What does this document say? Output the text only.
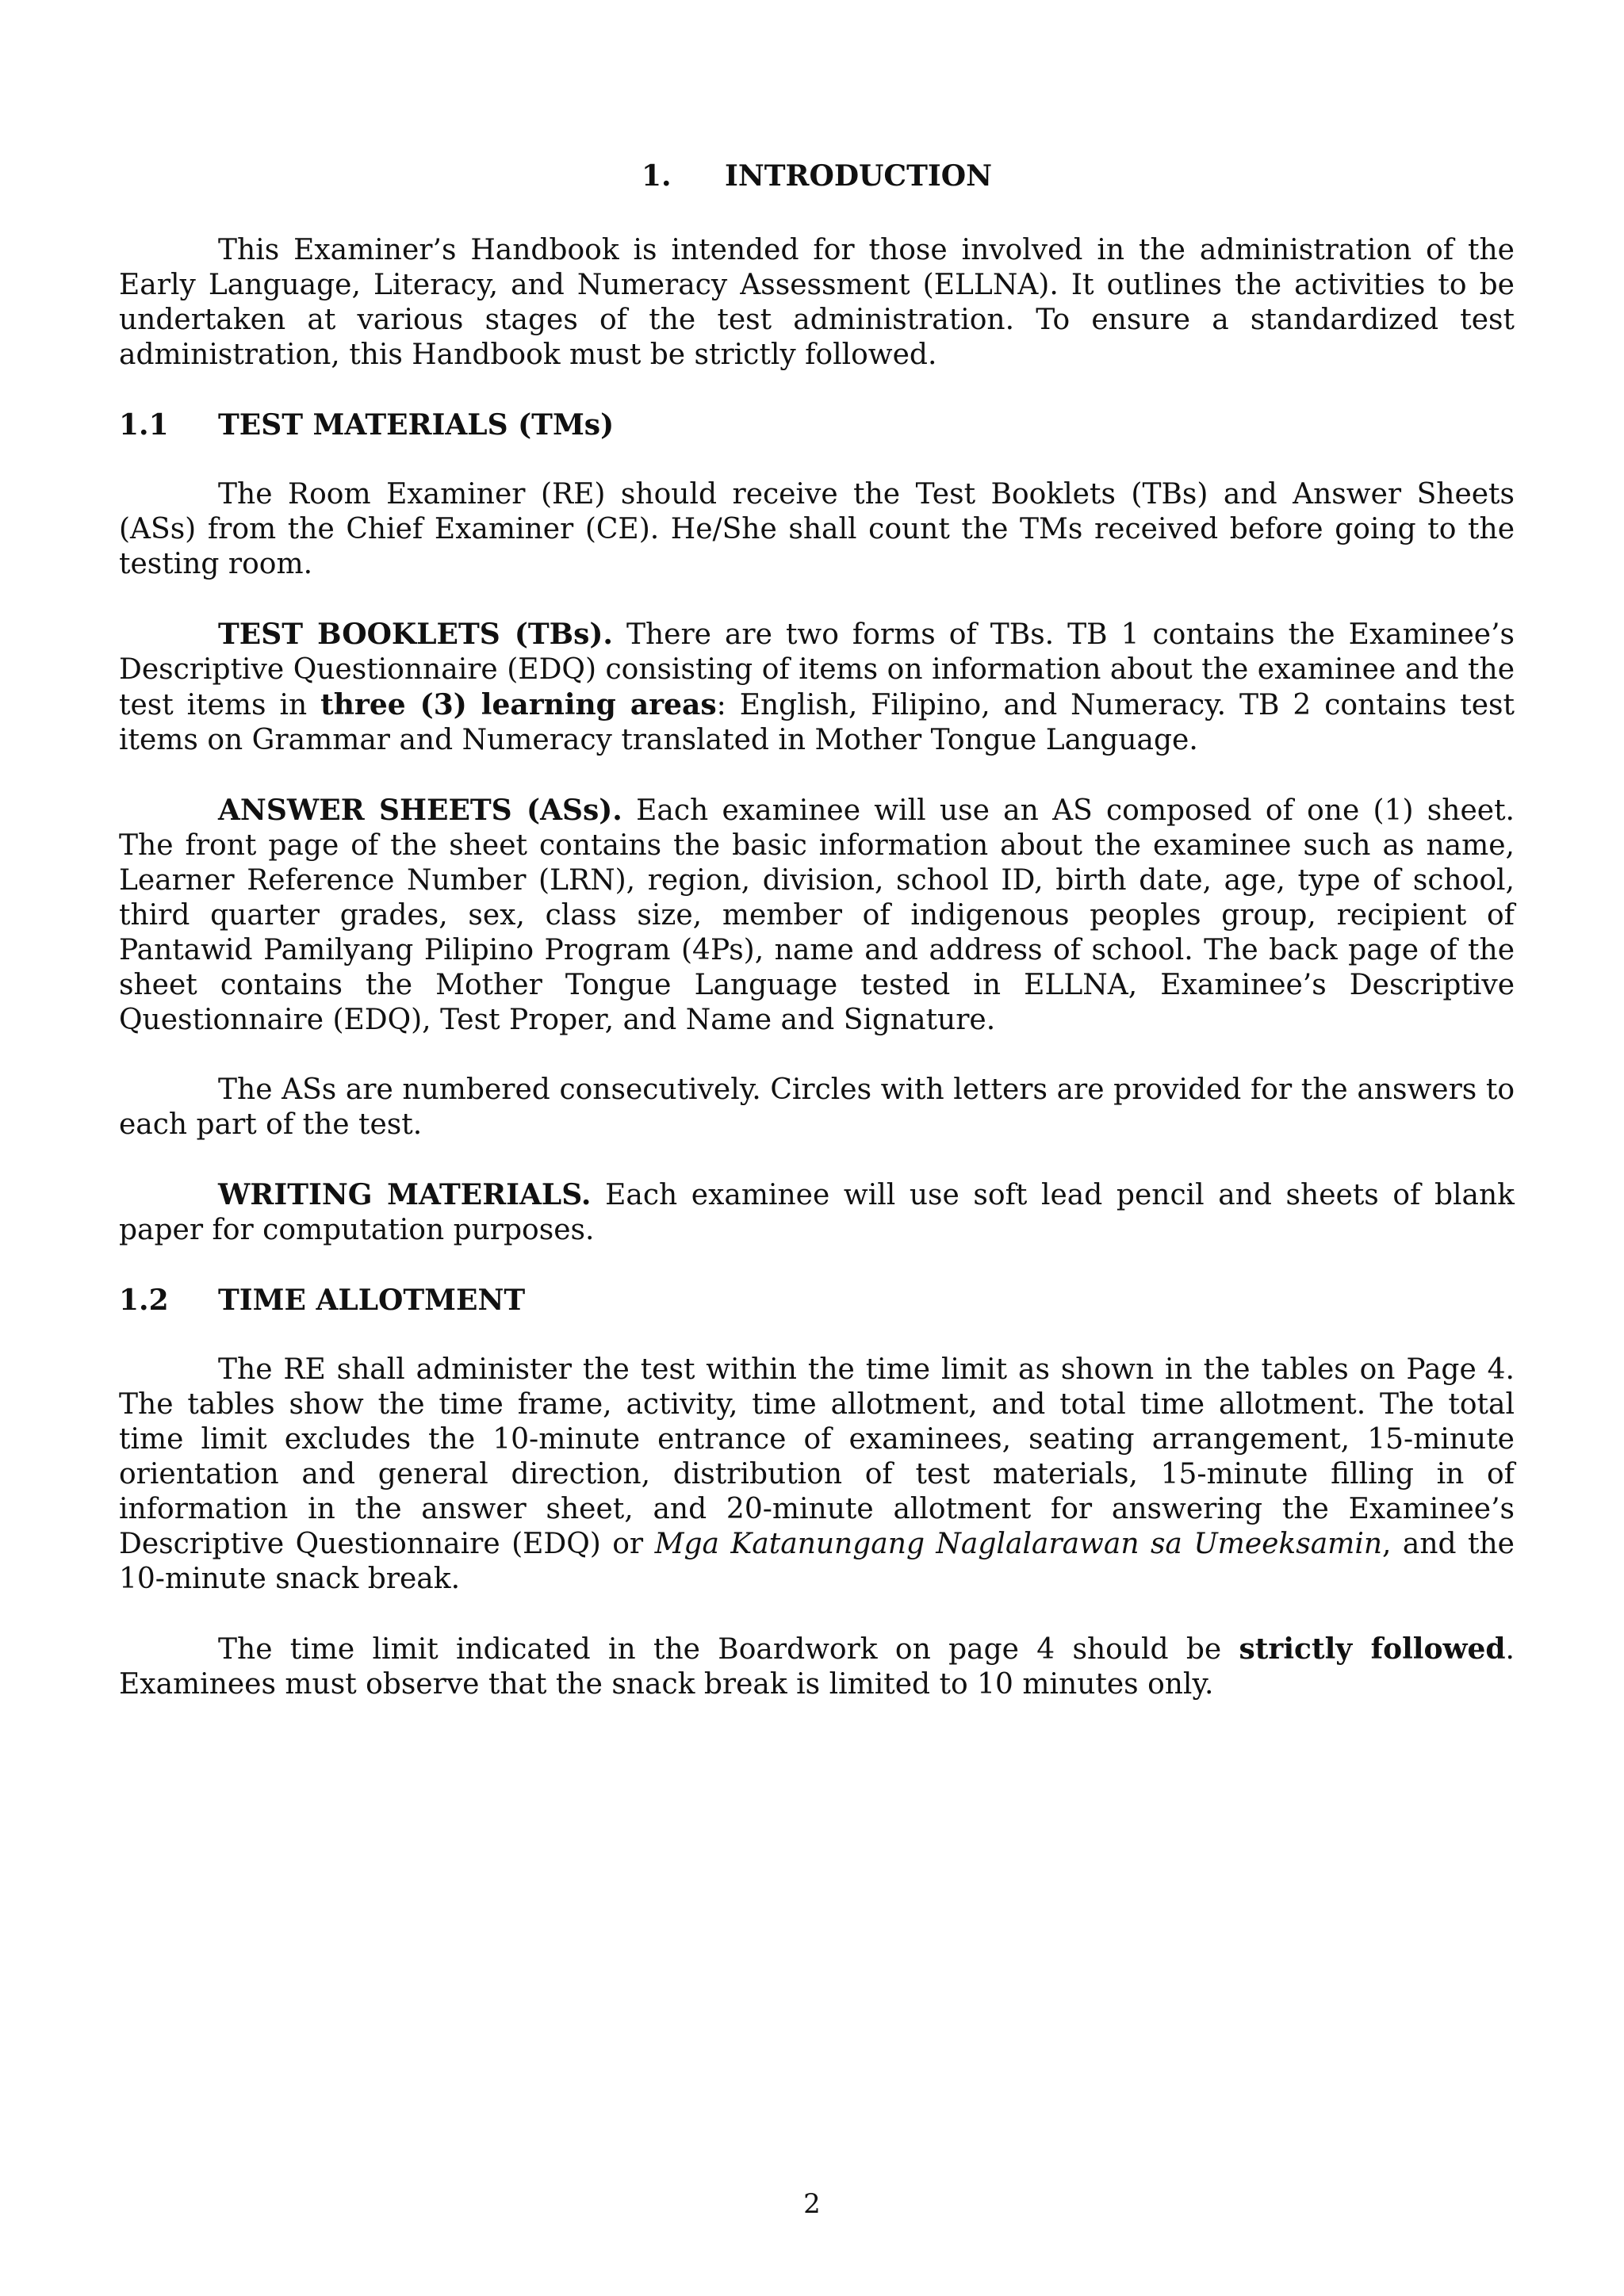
1. INTRODUCTION

This Examiner’s Handbook is intended for those involved in the administration of the Early Language, Literacy, and Numeracy Assessment (ELLNA). It outlines the activities to be undertaken at various stages of the test administration. To ensure a standardized test administration, this Handbook must be strictly followed.

1.1 TEST MATERIALS (TMs)

The Room Examiner (RE) should receive the Test Booklets (TBs) and Answer Sheets (ASs) from the Chief Examiner (CE). He/She shall count the TMs received before going to the testing room.

TEST BOOKLETS (TBs). There are two forms of TBs. TB 1 contains the Examinee’s Descriptive Questionnaire (EDQ) consisting of items on information about the examinee and the test items in three (3) learning areas: English, Filipino, and Numeracy. TB 2 contains test items on Grammar and Numeracy translated in Mother Tongue Language.

ANSWER SHEETS (ASs). Each examinee will use an AS composed of one (1) sheet. The front page of the sheet contains the basic information about the examinee such as name, Learner Reference Number (LRN), region, division, school ID, birth date, age, type of school, third quarter grades, sex, class size, member of indigenous peoples group, recipient of Pantawid Pamilyang Pilipino Program (4Ps), name and address of school. The back page of the sheet contains the Mother Tongue Language tested in ELLNA, Examinee’s Descriptive Questionnaire (EDQ), Test Proper, and Name and Signature.

The ASs are numbered consecutively. Circles with letters are provided for the answers to each part of the test.

WRITING MATERIALS. Each examinee will use soft lead pencil and sheets of blank paper for computation purposes.

1.2 TIME ALLOTMENT

The RE shall administer the test within the time limit as shown in the tables on Page 4. The tables show the time frame, activity, time allotment, and total time allotment. The total time limit excludes the 10-minute entrance of examinees, seating arrangement, 15-minute orientation and general direction, distribution of test materials, 15-minute filling in of information in the answer sheet, and 20-minute allotment for answering the Examinee’s Descriptive Questionnaire (EDQ) or Mga Katanungang Naglalarawan sa Umeeksamin, and the 10-minute snack break.

The time limit indicated in the Boardwork on page 4 should be strictly followed. Examinees must observe that the snack break is limited to 10 minutes only.

2
